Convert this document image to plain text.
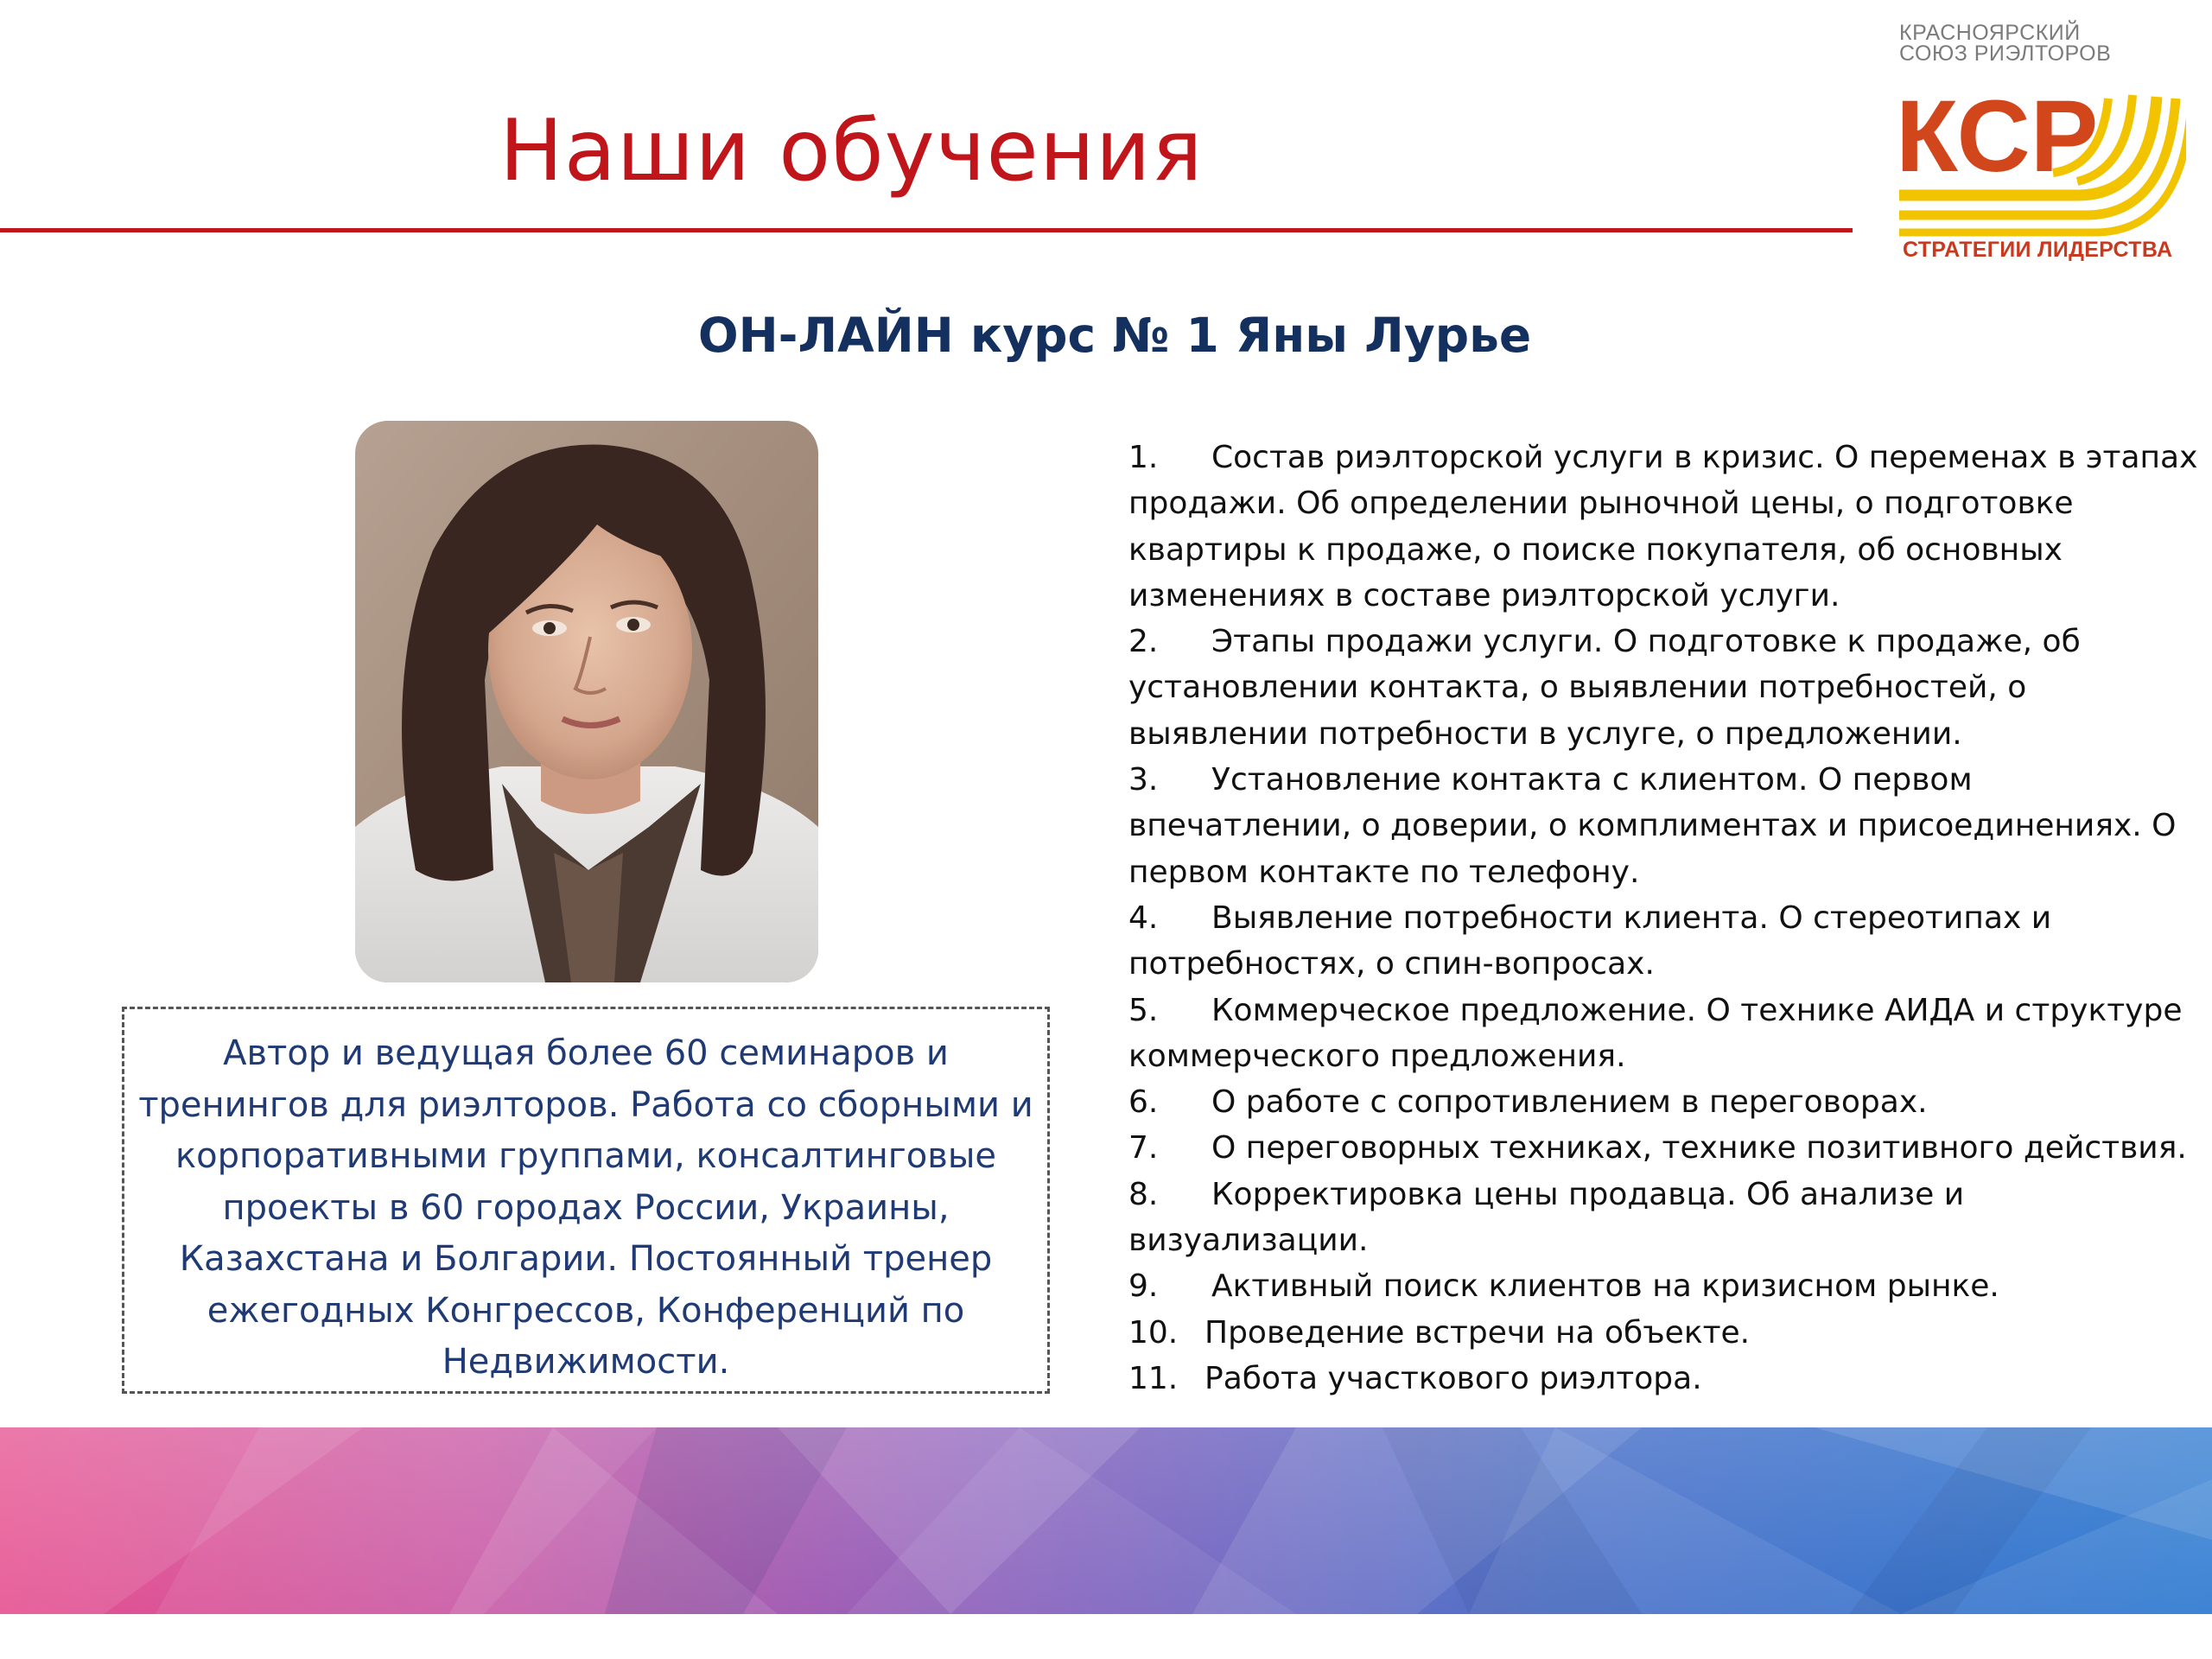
Наши обучения
КРАСНОЯРСКИЙ
СОЮЗ РИЭЛТОРОВ
КСР
СТРАТЕГИИ ЛИДЕРСТВА
ОН-ЛАЙН курс № 1 Яны Лурье
Автор и ведущая более 60 семинаров и тренингов для риэлторов. Работа со сборными и корпоративными группами, консалтинговые проекты в 60 городах России, Украины, Казахстана и Болгарии. Постоянный тренер ежегодных Конгрессов, Конференций по Недвижимости.
1. Состав риэлторской услуги в кризис. О переменах в этапах продажи. Об определении рыночной цены, о подготовке квартиры к продаже, о поиске покупателя, об основных изменениях в составе риэлторской услуги.
2. Этапы продажи услуги. О подготовке к продаже, об установлении контакта, о выявлении потребностей, о выявлении потребности в услуге, о предложении.
3. Установление контакта с клиентом. О первом впечатлении, о доверии, о комплиментах и присоединениях. О первом контакте по телефону.
4. Выявление потребности клиента. О стереотипах и потребностях, о спин-вопросах.
5. Коммерческое предложение. О технике АИДА и структуре коммерческого предложения.
6. О работе с сопротивлением в переговорах.
7. О переговорных техниках, технике позитивного действия.
8. Корректировка цены продавца. Об анализе и визуализации.
9. Активный поиск клиентов на кризисном рынке.
10. Проведение встречи на объекте.
11. Работа участкового риэлтора.
